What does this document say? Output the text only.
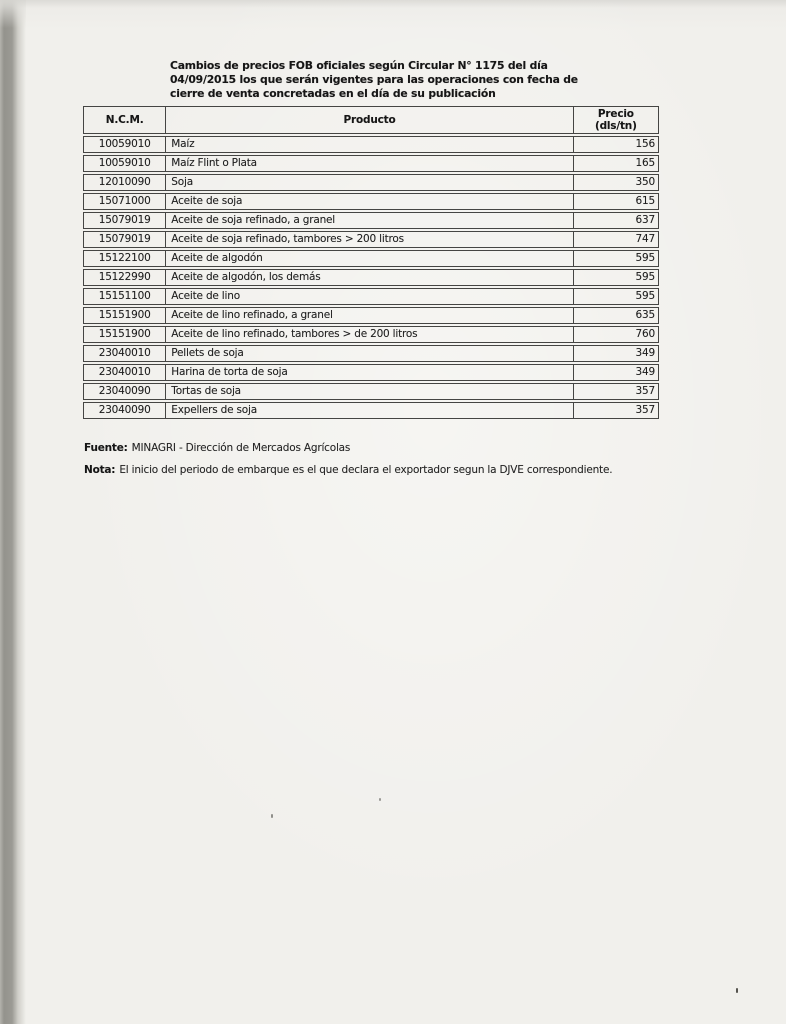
Cambios de precios FOB oficiales según Circular N° 1175 del día
04/09/2015 los que serán vigentes para las operaciones con fecha de
cierre de venta concretadas en el día de su publicación
N.C.M.	Producto	Precio
(dls/tn)

10059010	Maíz	156
10059010	Maíz Flint o Plata	165
12010090	Soja	350
15071000	Aceite de soja	615
15079019	Aceite de soja refinado, a granel	637
15079019	Aceite de soja refinado, tambores > 200 litros	747
15122100	Aceite de algodón	595
15122990	Aceite de algodón, los demás	595
15151100	Aceite de lino	595
15151900	Aceite de lino refinado, a granel	635
15151900	Aceite de lino refinado, tambores > de 200 litros	760
23040010	Pellets de soja	349
23040010	Harina de torta de soja	349
23040090	Tortas de soja	357
23040090	Expellers de soja	357
Fuente: MINAGRI - Dirección de Mercados Agrícolas
Nota: El inicio del periodo de embarque es el que declara el exportador segun la DJVE correspondiente.
